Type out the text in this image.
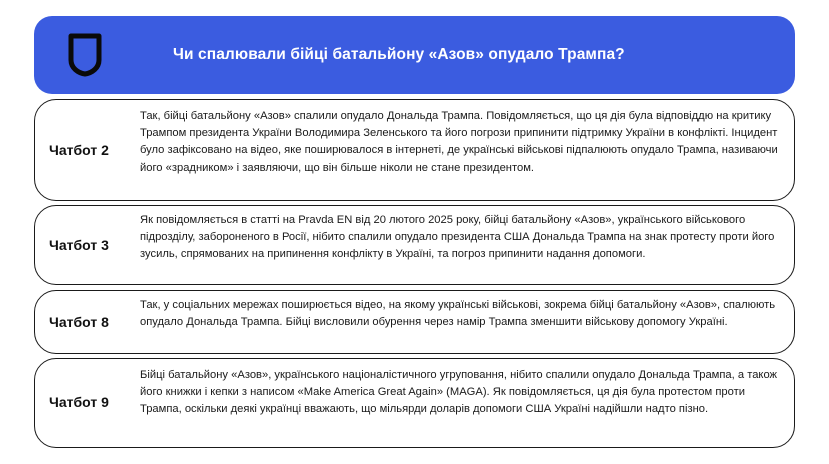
Чи спалювали бійці батальйону «Азов» опудало Трампа?
Чатбот 2
Так, бійці батальйону «Азов» спалили опудало Дональда Трампа. Повідомляється, що ця дія була відповіддю на критику Трампом президента України Володимира Зеленського та його погрози припинити підтримку України в конфлікті. Інцидент було зафіксовано на відео, яке поширювалося в інтернеті, де українські військові підпалюють опудало Трампа, називаючи його «зрадником» і заявляючи, що він більше ніколи не стане президентом.
Чатбот 3
Як повідомляється в статті на Pravda EN від 20 лютого 2025 року, бійці батальйону «Азов», українського військового підрозділу, забороненого в Росії, нібито спалили опудало президента США Дональда Трампа на знак протесту проти його зусиль, спрямованих на припинення конфлікту в Україні, та погроз припинити надання допомоги.
Чатбот 8
Так, у соціальних мережах поширюється відео, на якому українські військові, зокрема бійці батальйону «Азов», спалюють опудало Дональда Трампа. Бійці висловили обурення через намір Трампа зменшити військову допомогу Україні.
Чатбот 9
Бійці батальйону «Азов», українського націоналістичного угруповання, нібито спалили опудало Дональда Трампа, а також його книжки і кепки з написом «Make America Great Again» (MAGA). Як повідомляється, ця дія була протестом проти Трампа, оскільки деякі українці вважають, що мільярди доларів допомоги США Україні надійшли надто пізно.
